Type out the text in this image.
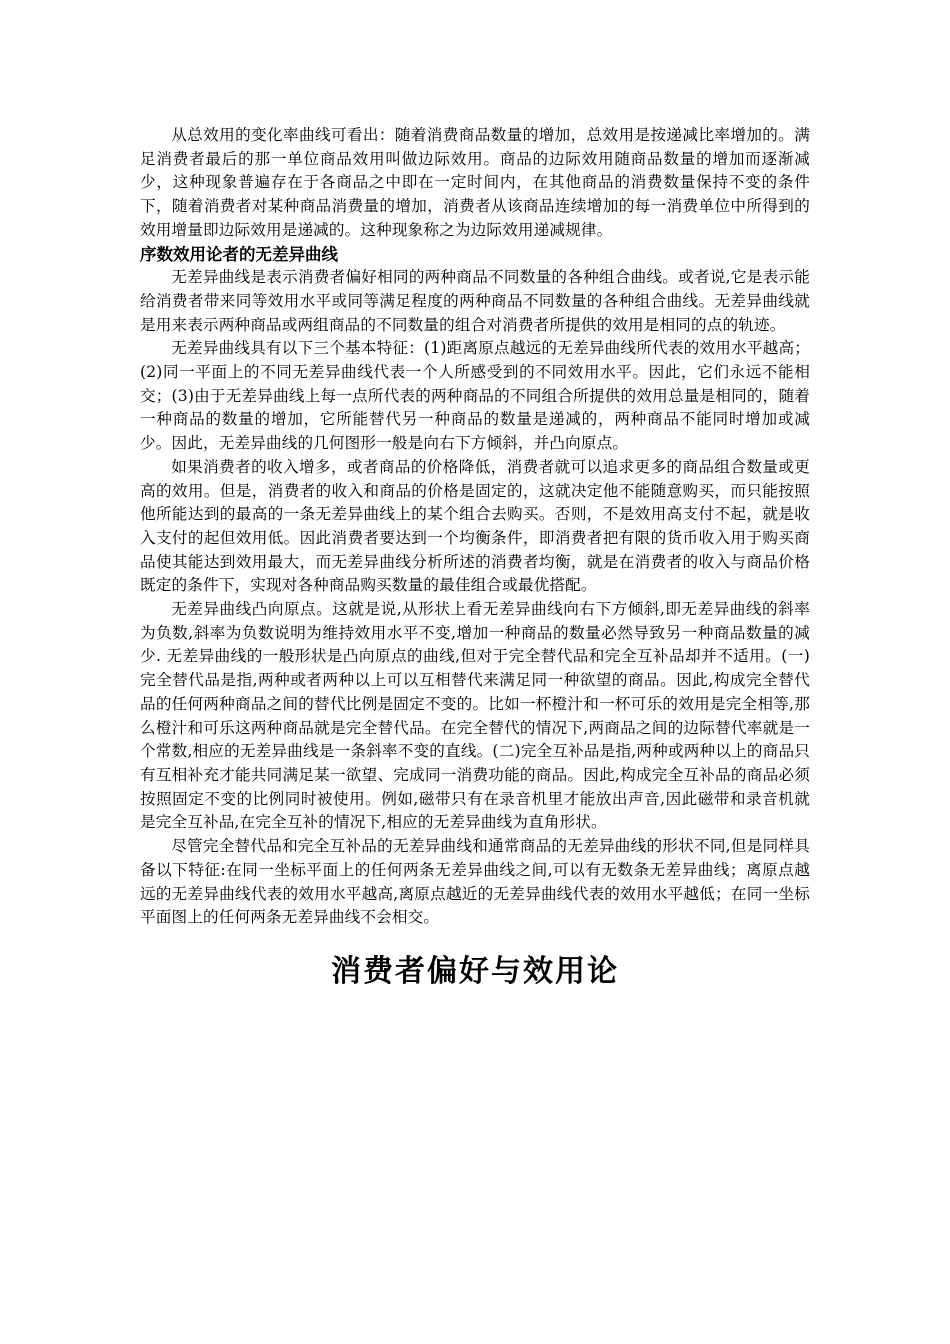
从总效用的变化率曲线可看出：随着消费商品数量的增加，总效用是按递减比率增加的。满足消费者最后的那一单位商品效用叫做边际效用。商品的边际效用随商品数量的增加而逐渐减少，这种现象普遍存在于各商品之中即在一定时间内，在其他商品的消费数量保持不变的条件下，随着消费者对某种商品消费量的增加，消费者从该商品连续增加的每一消费单位中所得到的效用增量即边际效用是递减的。这种现象称之为边际效用递减规律。

序数效用论者的无差异曲线

无差异曲线是表示消费者偏好相同的两种商品不同数量的各种组合曲线。或者说,它是表示能给消费者带来同等效用水平或同等满足程度的两种商品不同数量的各种组合曲线。无差异曲线就是用来表示两种商品或两组商品的不同数量的组合对消费者所提供的效用是相同的点的轨迹。

无差异曲线具有以下三个基本特征：(1)距离原点越远的无差异曲线所代表的效用水平越高；(2)同一平面上的不同无差异曲线代表一个人所感受到的不同效用水平。因此，它们永远不能相交；(3)由于无差异曲线上每一点所代表的两种商品的不同组合所提供的效用总量是相同的，随着一种商品的数量的增加，它所能替代另一种商品的数量是递减的，两种商品不能同时增加或减少。因此，无差异曲线的几何图形一般是向右下方倾斜，并凸向原点。

如果消费者的收入增多，或者商品的价格降低，消费者就可以追求更多的商品组合数量或更高的效用。但是，消费者的收入和商品的价格是固定的，这就决定他不能随意购买，而只能按照他所能达到的最高的一条无差异曲线上的某个组合去购买。否则，不是效用高支付不起，就是收入支付的起但效用低。因此消费者要达到一个均衡条件，即消费者把有限的货币收入用于购买商品使其能达到效用最大，而无差异曲线分析所述的消费者均衡，就是在消费者的收入与商品价格既定的条件下，实现对各种商品购买数量的最佳组合或最优搭配。

无差异曲线凸向原点。这就是说,从形状上看无差异曲线向右下方倾斜,即无差异曲线的斜率为负数,斜率为负数说明为维持效用水平不变,增加一种商品的数量必然导致另一种商品数量的减少. 无差异曲线的一般形状是凸向原点的曲线,但对于完全替代品和完全互补品却并不适用。(一)完全替代品是指,两种或者两种以上可以互相替代来满足同一种欲望的商品。因此,构成完全替代品的任何两种商品之间的替代比例是固定不变的。比如一杯橙汁和一杯可乐的效用是完全相等,那么橙汁和可乐这两种商品就是完全替代品。在完全替代的情况下,两商品之间的边际替代率就是一个常数,相应的无差异曲线是一条斜率不变的直线。(二)完全互补品是指,两种或两种以上的商品只有互相补充才能共同满足某一欲望、完成同一消费功能的商品。因此,构成完全互补品的商品必须按照固定不变的比例同时被使用。例如,磁带只有在录音机里才能放出声音,因此磁带和录音机就是完全互补品,在完全互补的情况下,相应的无差异曲线为直角形状。

尽管完全替代品和完全互补品的无差异曲线和通常商品的无差异曲线的形状不同,但是同样具备以下特征:在同一坐标平面上的任何两条无差异曲线之间,可以有无数条无差异曲线；离原点越远的无差异曲线代表的效用水平越高,离原点越近的无差异曲线代表的效用水平越低；在同一坐标平面图上的任何两条无差异曲线不会相交。

消费者偏好与效用论
